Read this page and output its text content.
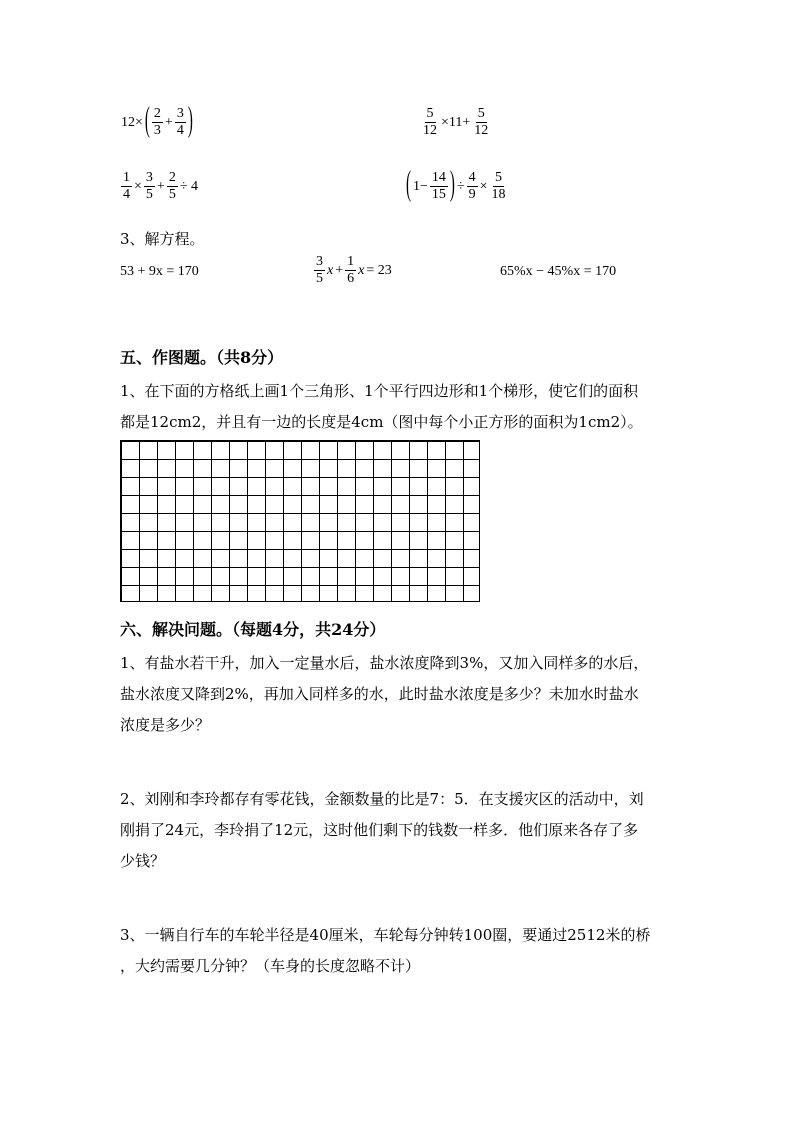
12× ( $\frac{2}{3} + \frac{3}{4}$ )	$\frac{5}{12} \times 11+ \frac{5}{12}$
$\frac{1}{4} \times \frac{3}{5} + \frac{2}{5} \div 4$	( $1- \frac{14}{15}$ ) ÷ $\frac{4}{9} \times \frac{5}{18}$
3、解方程。
53 + 9x = 170	$\frac{3}{5} x+ \frac{1}{6} x= 23$	65%x − 45%x = 170
五、作图题。（共8分）
1、在下面的方格纸上画1个三角形、1个平行四边形和1个梯形，使它们的面积
都是12cm2，并且有一边的长度是4cm（图中每个小正方形的面积为1cm2）。
六、解决问题。（每题4分，共24分）
1、有盐水若干升，加入一定量水后，盐水浓度降到3%，又加入同样多的水后，
盐水浓度又降到2%，再加入同样多的水，此时盐水浓度是多少？未加水时盐水
浓度是多少？
2、刘刚和李玲都存有零花钱，金额数量的比是7：5．在支援灾区的活动中，刘
刚捐了24元，李玲捐了12元，这时他们剩下的钱数一样多．他们原来各存了多
少钱？
3、一辆自行车的车轮半径是40厘米，车轮每分钟转100圈，要通过2512米的桥
，大约需要几分钟？（车身的长度忽略不计）
